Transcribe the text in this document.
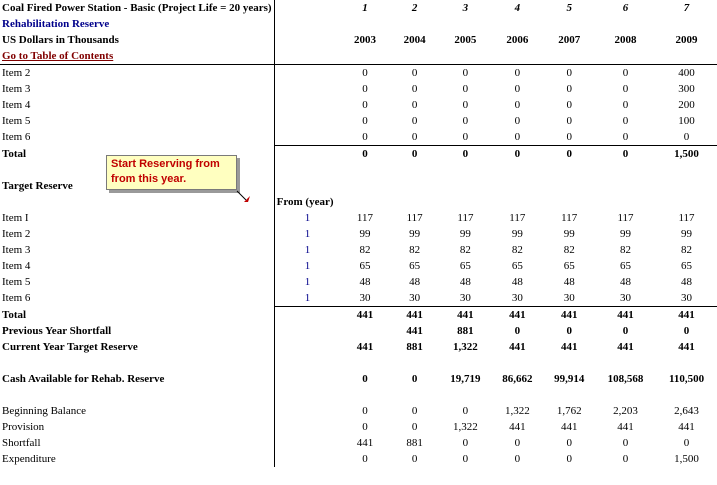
Coal Fired Power Station - Basic (Project Life = 20 years)		1	2	3	4	5	6	7
Rehabilitation Reserve								
US Dollars in Thousands		2003	2004	2005	2006	2007	2008	2009
Go to Table of Contents								
Item 2		0	0	0	0	0	0	400
Item 3		0	0	0	0	0	0	300
Item 4		0	0	0	0	0	0	200
Item 5		0	0	0	0	0	0	100
Item 6		0	0	0	0	0	0	0
Total		0	0	0	0	0	0	1,500

Target Reserve								
	From (year)							
Item I	1	117	117	117	117	117	117	117
Item 2	1	99	99	99	99	99	99	99
Item 3	1	82	82	82	82	82	82	82
Item 4	1	65	65	65	65	65	65	65
Item 5	1	48	48	48	48	48	48	48
Item 6	1	30	30	30	30	30	30	30
Total		441	441	441	441	441	441	441
Previous Year Shortfall			441	881	0	0	0	0
Current Year Target Reserve		441	881	1,322	441	441	441	441

Cash Available for Rehab. Reserve		0	0	19,719	86,662	99,914	108,568	110,500

Beginning Balance		0	0	0	1,322	1,762	2,203	2,643
Provision		0	0	1,322	441	441	441	441
Shortfall		441	881	0	0	0	0	0
Expenditure		0	0	0	0	0	0	1,500
Start Reserving from
from this year.
